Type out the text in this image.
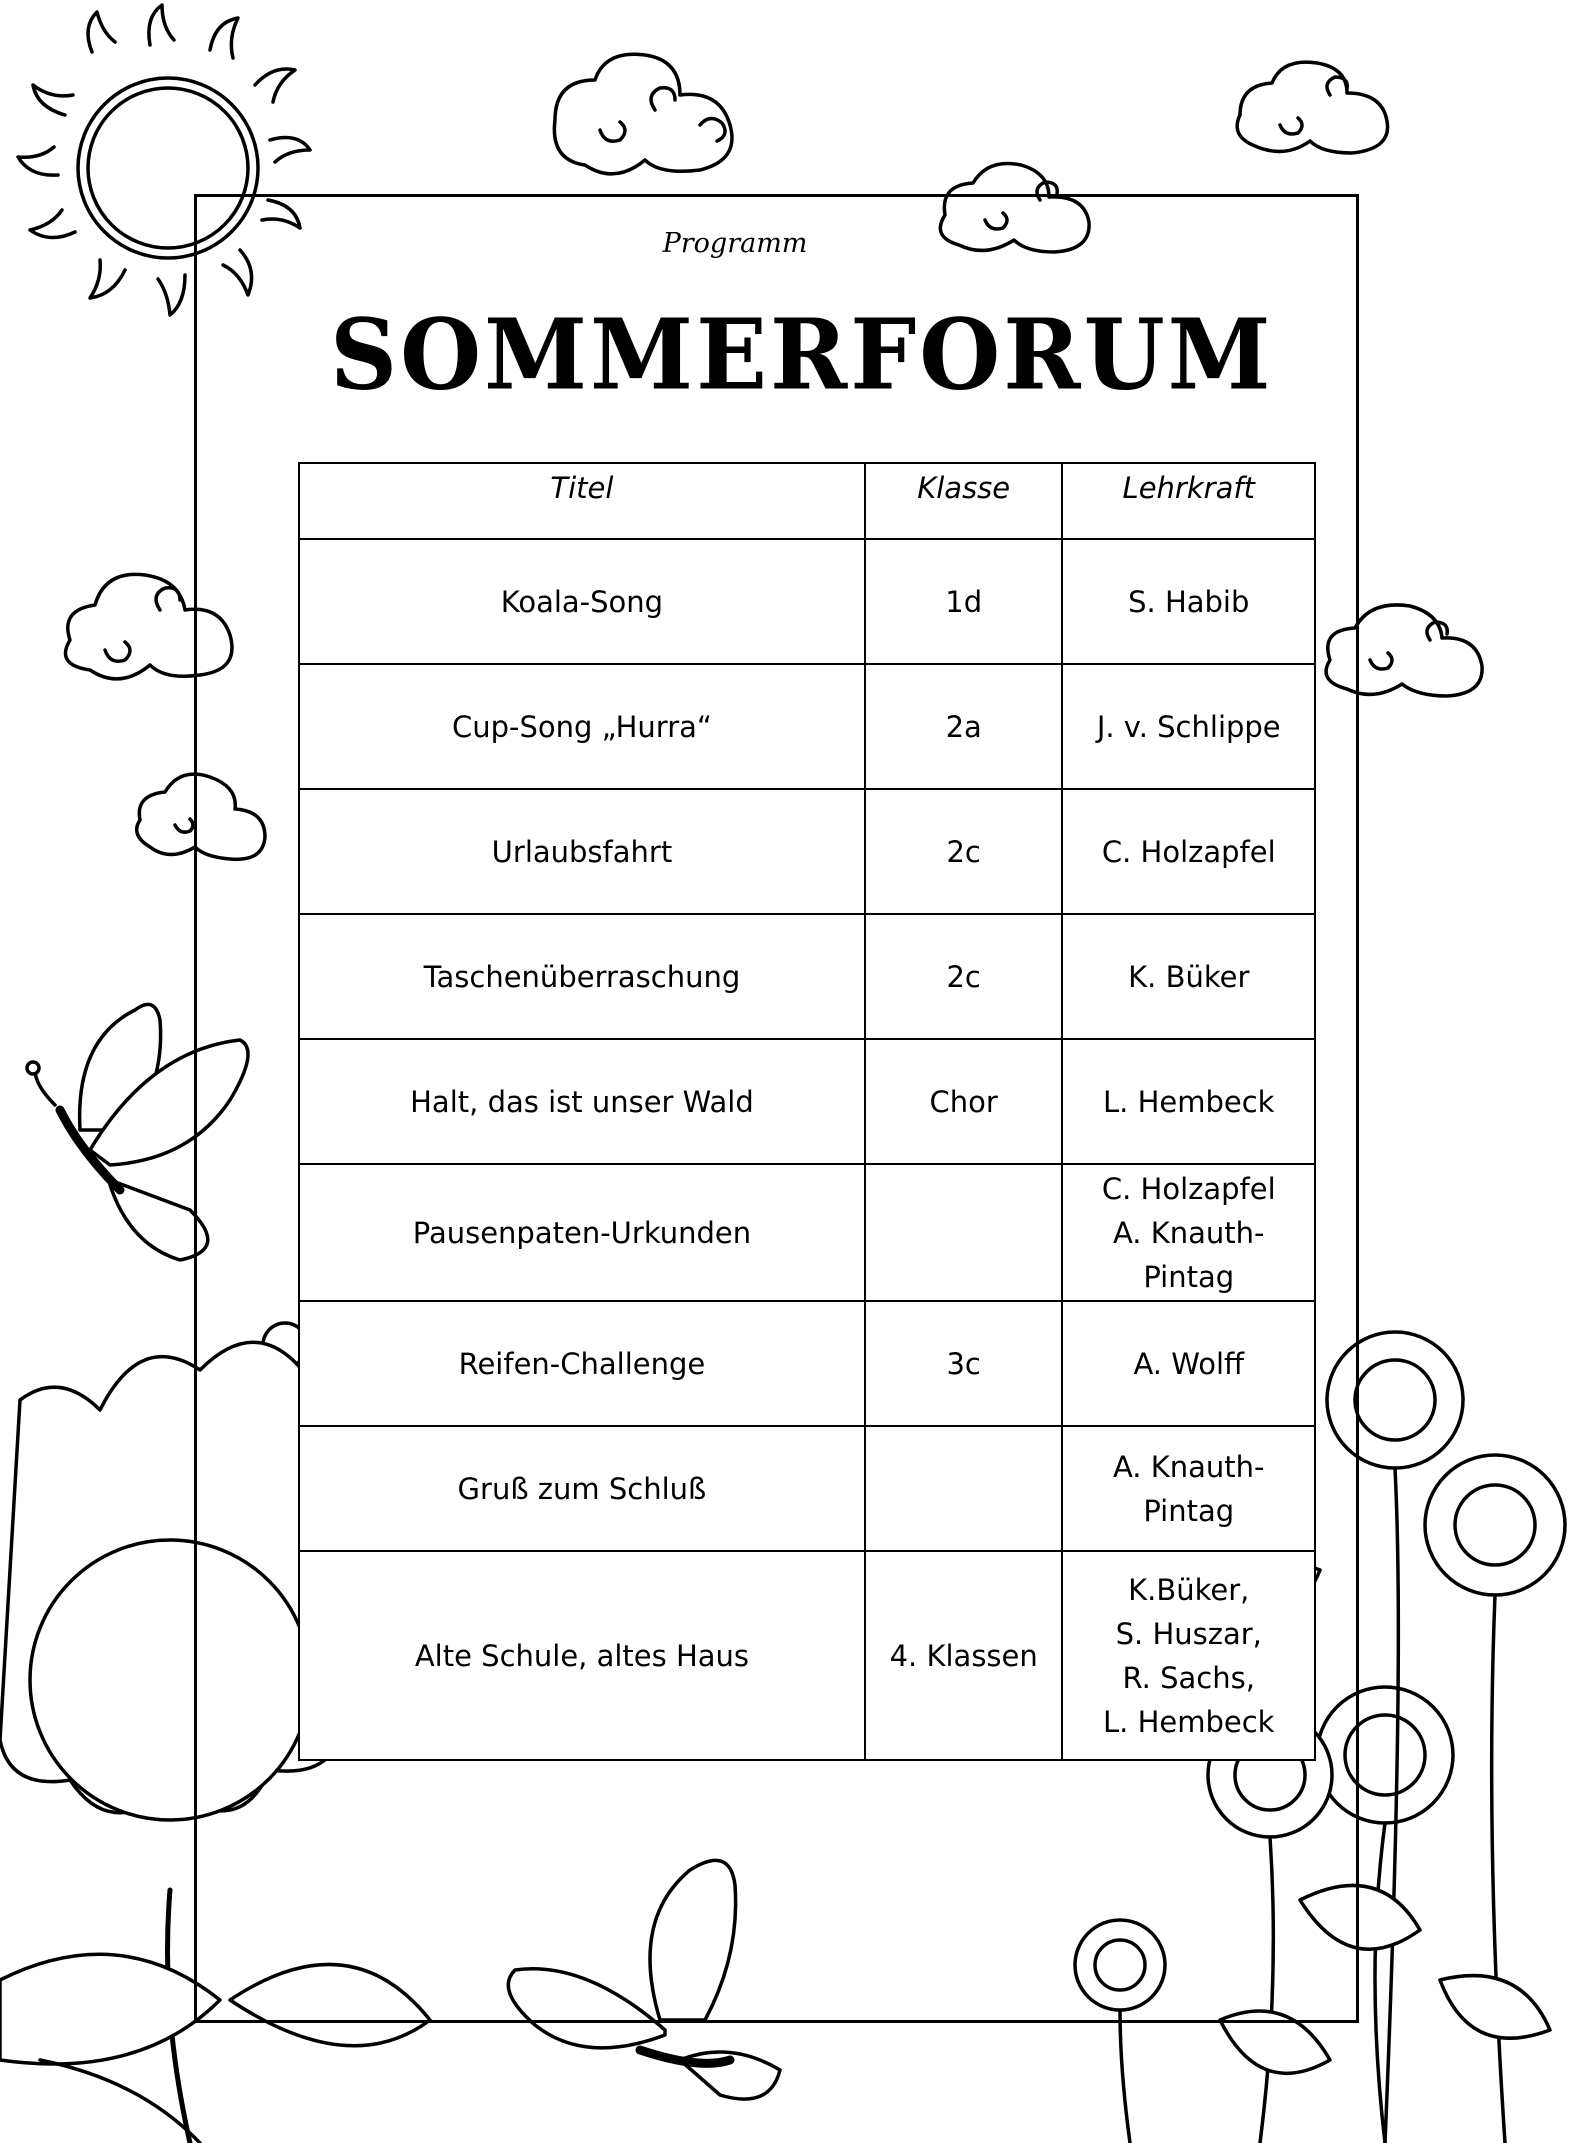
Programm
SOMMERFORUM
Titel	Klasse	Lehrkraft
Koala-Song	1d	S. Habib

Cup-Song „Hurra“	2a	J. v. Schlippe

Urlaubsfahrt	2c	C. Holzapfel

Taschenüberraschung	2c	K. Büker

Halt, das ist unser Wald	Chor	L. Hembeck

Pausenpaten-Urkunden		C. Holzapfel
A. Knauth-
Pintag

Reifen-Challenge	3c	A. Wolff

Gruß zum Schluß		A. Knauth-
Pintag

Alte Schule, altes Haus	4. Klassen	K.Büker,
S. Huszar,
R. Sachs,
L. Hembeck
